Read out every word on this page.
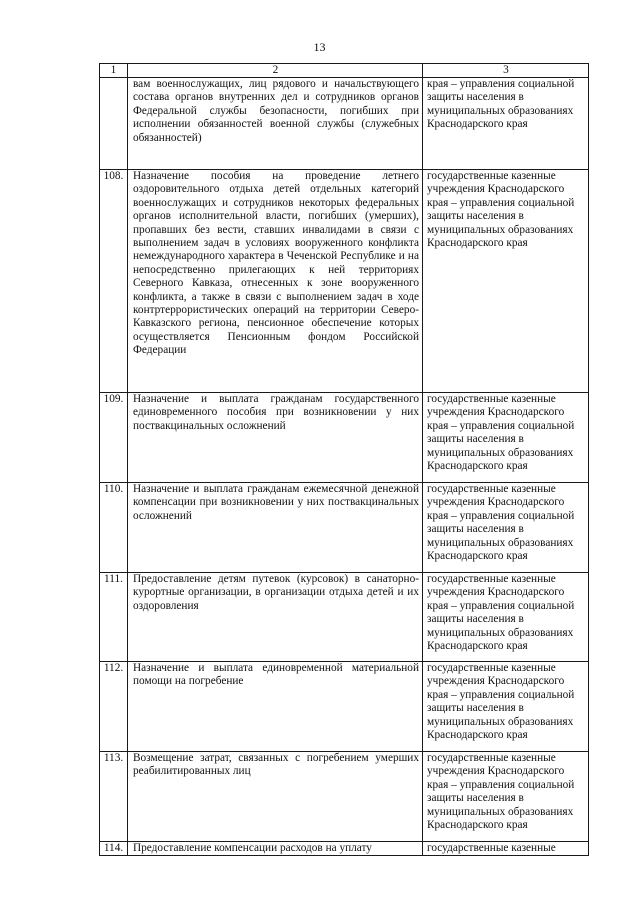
13
1	2	3
	вам военнослужащих, лиц рядового и начальствующего состава органов внутренних дел и сотрудников органов Федеральной службы безопасности, погибших при исполнении обязанностей военной службы (служебных обязанностей)	края – управления социальной защиты населения в муниципальных образованиях Краснодарского края
108.	Назначение пособия на проведение летнего оздоровительного отдыха детей отдельных категорий военнослужащих и сотрудников некоторых федеральных органов исполнительной власти, погибших (умерших), пропавших без вести, ставших инвалидами в связи с выполнением задач в условиях вооруженного конфликта немеждународного характера в Чеченской Республике и на непосредственно прилегающих к ней территориях Северного Кавказа, отнесенных к зоне вооруженного конфликта, а также в связи с выполнением задач в ходе контртеррористических операций на территории Северо-Кавказского региона, пенсионное обеспечение которых осуществляется Пенсионным фондом Российской Федерации	государственные казенные учреждения Краснодарского края – управления социальной защиты населения в муниципальных образованиях Краснодарского края
109.	Назначение и выплата гражданам государственного единовременного пособия при возникновении у них поствакцинальных осложнений	государственные казенные учреждения Краснодарского края – управления социальной защиты населения в муниципальных образованиях Краснодарского края
110.	Назначение и выплата гражданам ежемесячной денежной компенсации при возникновении у них поствакцинальных осложнений	государственные казенные учреждения Краснодарского края – управления социальной защиты населения в муниципальных образованиях Краснодарского края
111.	Предоставление детям путевок (курсовок) в санаторно-курортные организации, в организации отдыха детей и их оздоровления	государственные казенные учреждения Краснодарского края – управления социальной защиты населения в муниципальных образованиях Краснодарского края
112.	Назначение и выплата единовременной материальной помощи на погребение	государственные казенные учреждения Краснодарского края – управления социальной защиты населения в муниципальных образованиях Краснодарского края
113.	Возмещение затрат, связанных с погребением умерших реабилитированных лиц	государственные казенные учреждения Краснодарского края – управления социальной защиты населения в муниципальных образованиях Краснодарского края
114.	Предоставление компенсации расходов на уплату	государственные казенные
